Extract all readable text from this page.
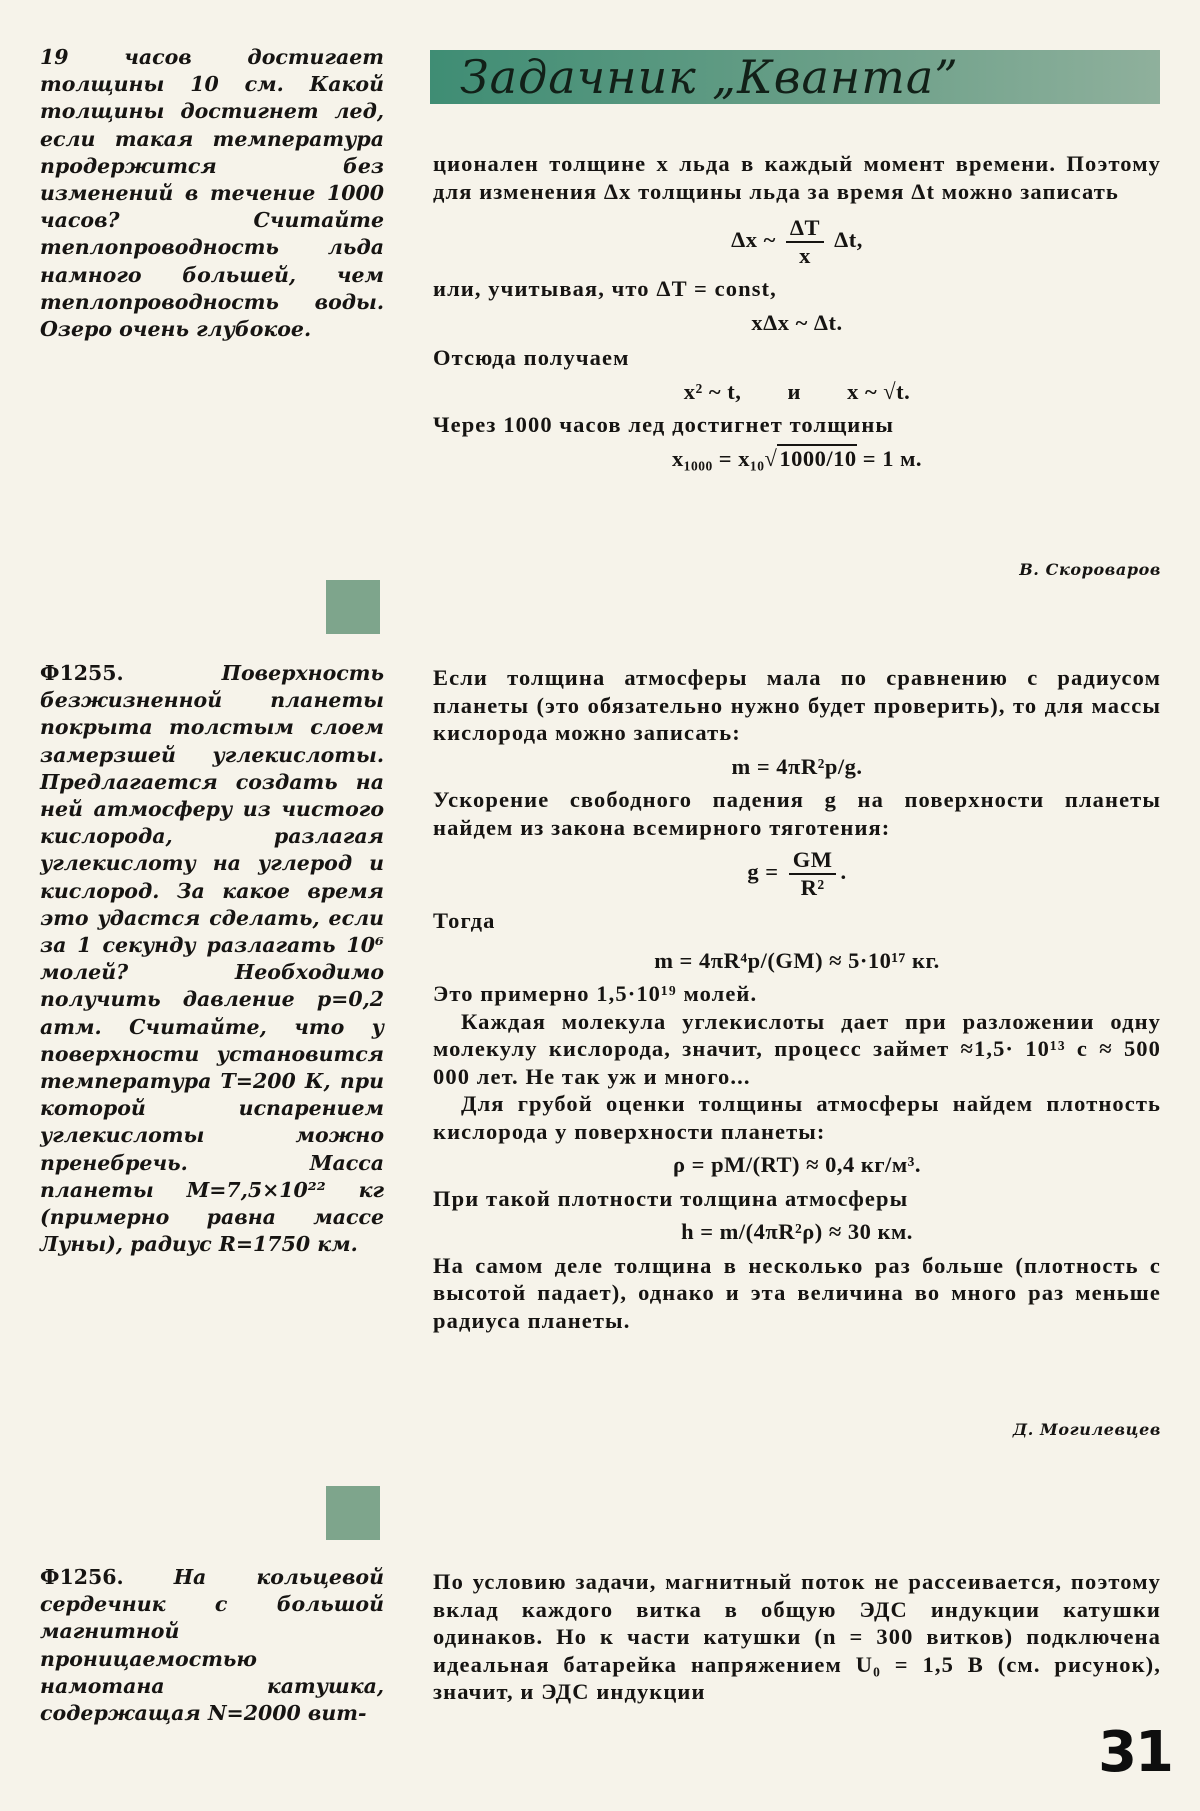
Задачник „Кванта”
19 часов достигает толщины 10 см. Какой толщины достигнет лед, если такая температура продержится без изменений в течение 1000 часов? Считайте теплопроводность льда намного большей, чем теплопроводность воды. Озеро очень глубокое.
Ф1255.	Поверхность безжизненной планеты покрыта толстым слоем замерзшей углекислоты. Предлагается создать на ней атмосферу из чистого кислорода, разлагая углекислоту на углерод и кислород. За какое время это удастся сделать, если за 1 секунду разлагать 10⁶ молей? Необходимо получить давление p=0,2 атм. Считайте, что у поверхности установится температура T=200 К, при которой испарением углекислоты можно пренебречь. Масса планеты M=7,5×10²² кг (примерно равна массе Луны), радиус R=1750 км.
Ф1256. На кольцевой сердечник с большой магнитной проницаемостью намотана катушка, содержащая N=2000 вит-

ционален толщине x льда в каждый момент времени. Поэтому для изменения Δx толщины льда за время Δt можно записать

Δx ~ $\frac{\Delta T}{x} \Delta t$,

или, учитывая, что ΔT = const,

xΔx ~ Δt.

Отсюда получаем

x² ~ t, и x ~ √t.

Через 1000 часов лед достигнет толщины

x₁₀₀₀ = x₁₀√1000/10 = 1 м.
В. Скороваров

Если толщина атмосферы мала по сравнению с радиусом планеты (это обязательно нужно будет проверить), то для массы кислорода можно записать:

m = 4πR²p/g.

Ускорение свободного падения g на поверхности планеты найдем из закона всемирного тяготения:

$g = \frac{GM}{\text{R²}}$ .

Тогда

m = 4πR⁴p/(GM) ≈ 5·10¹⁷ кг.

Это примерно 1,5·10¹⁹ молей.

Каждая молекула углекислоты дает при разложении одну молекулу кислорода, значит, процесс займет ≈1,5· 10¹³ с ≈ 500 000 лет. Не так уж и много...

Для грубой оценки толщины атмосферы найдем плотность кислорода у поверхности планеты:

ρ = pM/(RT) ≈ 0,4 кг/м³.

При такой плотности толщина атмосферы

h = m/(4πR²ρ) ≈ 30 км.

На самом деле толщина в несколько раз больше (плотность с высотой падает), однако и эта величина во много раз меньше радиуса планеты.

Д. Могилевцев

По условию задачи, магнитный поток не рассеивается, поэтому вклад каждого витка в общую ЭДС индукции катушки одинаков. Но к части катушки (n = 300 витков) подключена идеальная батарейка напряжением U₀ = 1,5 В (см. рисунок), значит, и ЭДС индукции

31
